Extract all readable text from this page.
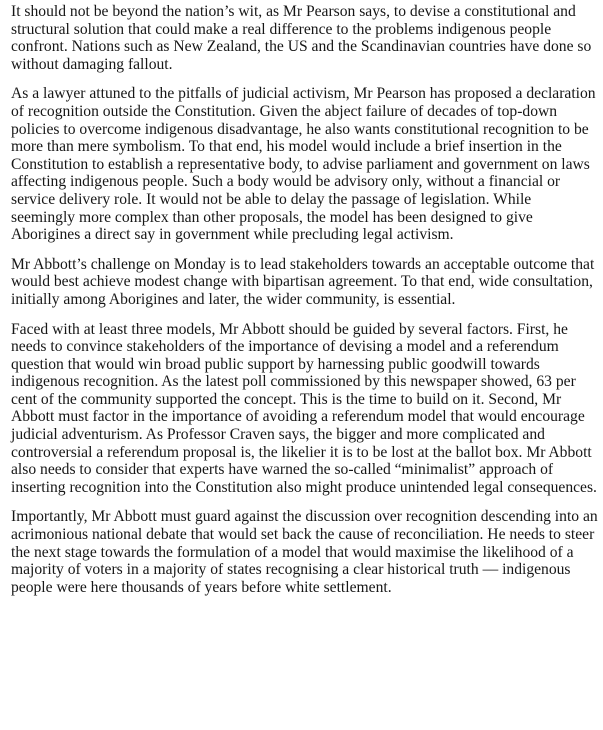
It should not be beyond the nation’s wit, as Mr Pearson says, to devise a constitutional and structural solution that could make a real difference to the problems indigenous people confront. Nations such as New Zealand, the US and the Scandinavian countries have done so without damaging fallout.

As a lawyer attuned to the pitfalls of judicial activism, Mr Pearson has proposed a declaration of recognition outside the Constitution. Given the abject failure of decades of top-down policies to overcome indigenous disadvantage, he also wants constitutional recognition to be more than mere symbolism. To that end, his model would include a brief insertion in the Constitution to establish a representative body, to advise parliament and government on laws affecting indigenous people. Such a body would be advisory only, without a financial or service delivery role. It would not be able to delay the passage of legislation. While seemingly more complex than other proposals, the model has been designed to give Aborigines a direct say in government while precluding legal activism.

Mr Abbott’s challenge on Monday is to lead stakeholders towards an acceptable outcome that would best achieve modest change with bipartisan agreement. To that end, wide consultation, initially among Aborigines and later, the wider community, is essential.

Faced with at least three models, Mr Abbott should be guided by several factors. First, he needs to convince stakeholders of the importance of devising a model and a referendum question that would win broad public support by harnessing public goodwill towards indigenous recognition. As the latest poll commissioned by this newspaper showed, 63 per cent of the community supported the concept. This is the time to build on it. Second, Mr Abbott must factor in the importance of avoiding a referendum model that would encourage judicial adventurism. As Professor Craven says, the bigger and more complicated and controversial a referendum proposal is, the likelier it is to be lost at the ballot box. Mr Abbott also needs to consider that experts have warned the so-called “minimalist” approach of inserting recognition into the Constitution also might produce unintended legal consequences.

Importantly, Mr Abbott must guard against the discussion over recognition descending into an acrimonious national debate that would set back the cause of reconciliation. He needs to steer the next stage towards the formulation of a model that would maximise the likelihood of a majority of voters in a majority of states recognising a clear historical truth — indigenous people were here thousands of years before white settlement.
